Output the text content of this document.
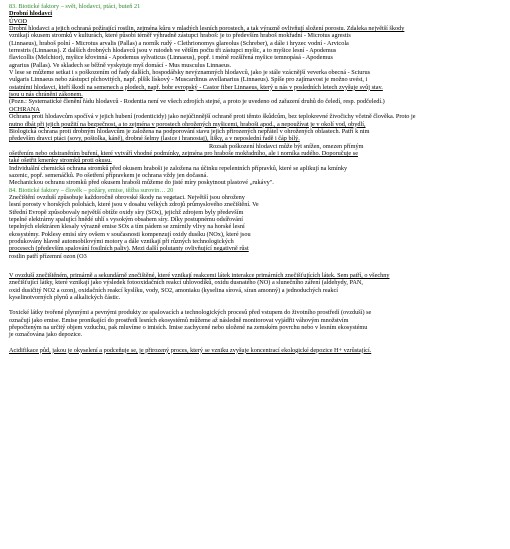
83. Biotické faktory – svět, hlodavci, ptáci, buteň 21

Drobní hlodavci

ÚVOD

Drobní hlodavci a jejich ochraná požírající rostlin, zejména kůru v mladých lesních porostech, a tak výrazně ovlivňují složení porostu. Zdaleka největší škody

vznikají okusem stromků v kulturách, které působí téměř výhradně zástupci hraboš: je to především hraboš mokřadní - Microtus agrestis

(Linnaeus), hraboš polní - Microtus arvalis (Pallas) a norník rudý - Clethrionomys glareolus (Schreber), a dále i hryzec vodní - Arvicola

terrestris (Linnaeus). Z dalších drobných hlodavců jsou v ruiodeh ve větším počtu tři zástupci myšic, a to myšice lesní - Apodemus

flavicollis (Melchior), myšice křovinná - Apodemus sylvaticus (Linnaeus), popř. i méně rozšířená myšice temnopásá - Apodemus

agrarius (Pallas). Ve skladech se běžně vyskytuje myš domácí - Mus musculus Linnaeus.

V lese se můžeme setkat i s poškozením od řady dalších, hospodářsky nevýznamných hlodavců, jako je stále vzácnější veverka obecná - Sciurus

vulgaris Linnaeus nebo zástupci plchovitých, např. plšík lískový - Muscardinus avellanarius (Linnaeus). Spíše pro zajímavost je možno uvést, i

ostatními hlodavci, kteří škodí na semenech a plodech, např. bobr evropský - Castor fiber Linnaeus, který u nás v posledních letech zvyšuje svůj stav.

jsou u nás chráněni zákonem.

(Pozn.: Systematické členění řádu hlodavců - Rodentia není ve všech zdrojích stejné, a proto je uvedeno od zařazení druhů do čeledí, resp. podčeledí.)

OCHRANA

Ochrana proti hlodavcům spočívá v jejich hubení (rodenticidy) jako nejúčinnější ochraně proti těmto škůdcům, bez teplokrevné živočichy včetně člověka. Proto je

nutno dbát při jejich použití na bezpečnost, a to zejména v porostech ohrožených myšicemi, hraboši apod., a nepoužívat je v okolí vod, obydlí,

Biologická ochrana proti drobným hlodavcům je založena na podporování stavu jejich přirozených nepřátel v ohrožených oblastech. Patří k nim

především dravci ptáci (sovy, poštolka, káně), drobné šelmy (lasice i hranostaj), lišky, a v neposlední řadě i čáp bílý.

Rozsah poškození hlodavci může být snížen, omezen přímým

ošetřením nebo odstraněním buření, které vytváří vhodné podmínky, zejména pro hraboše mokřadního, ale i norníka rudého. Doporučuje se

také ošetřit kmenky stromků proti okusu.

Individuální chemická ochrana stromků před okusem hraboši je založena na účinku repelentních přípravků, které se aplikují na kmínky

sazenic, popř. semenáčků. Po ošetření přípravkem je ochrana vždy jen dočasná.

Mechanickou ochranu stromků před okusem hraboši můžeme do jisté míry poskytnout plastové „rukávy".

84. Biotické faktory – člověk – požáry, emise, těžba surovin… 20

Znečištění ovzduší způsobuje každoročně obrovské škody na vegetaci. Největší jsou ohroženy

lesní porosty v horských polohách, které jsou v dosahu velkých zdrojů průmyslového znečištění. Ve

Střední Evropě způsobovaly největší obtíže oxidy síry (SOx), jejichž zdrojem byly především

tepelné elektrárny spalující hnědé uhlí s vysokým obsahem síry. Díky postupnému odsířování

tepelných elektráren klesaly výrazně emise SOx a tím pádem se zmírnily vlivy na horské lesní

ekosystémy. Poklesy emisí síry ovšem v současnosti kompenzují oxidy dusíku (NOx), které jsou

produkovány hlavně automobilovými motory a dále vznikají při různých technologických

procesech (především spalování fosilních paliv). Mezi další polutanty ovlivňující negativně růst

rostlin patří přízemní ozon (O3

V ovzduší znečištěném, primárně a sekundárně znečištěné, které vznikají reakcemi látek interakce primárních znečišťujících látek. Sem patří, o všechny

znečišťující látky, které vznikají jako výsledek fotooxidačních reakcí uhlovodíků, oxidu dusnatého (NO) a slunečního záření (aldehydy, PAN,

oxid dusičitý NO2 a ozon), oxidačních reakcí kyslíku, vody, SO2, amoniaku (kyselina sírová, síran amonný) a jednoduchých reakcí

kyselinotvorných plynů a alkalických částic.

Toxické látky tvořené plynnými a pevnými produkty ze spalovacích a technologických procesů před vstupem do životního prostředí (ovzduší) se

označují jako emise. Emise pronikající do prostředí lesních ekosystémů můžeme až následně monitorovat vyjádřit váhovým množstvím

přepočteným na určitý objem vzduchu, pak mluvíme o imisích. Imise zachycené nebo uložené na zemském povrchu nebo v lesním ekosystému

je označována jako depozice.

Acidifikace půd, jakou je okyselení a podceňuje se, je přirozený proces, který se vzniku zvyšuje koncentrací ekologické depozice H+ vzrůstající.
